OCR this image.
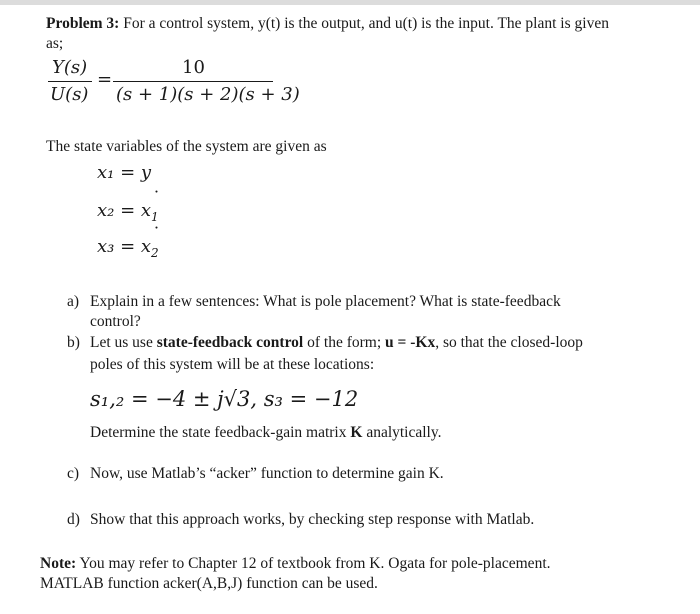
Problem 3: For a control system, y(t) is the output, and u(t) is the input. The plant is given
as;
Y(s)
U(s)
=
10
(s + 1)(s + 2)(s + 3)
The state variables of the system are given as
x₁ = y
$x_2 = x_1$
˙
$x_3 = x_2$
˙
a) Explain in a few sentences: What is pole placement? What is state-feedback
control?
b) Let us use state-feedback control of the form; u = -Kx, so that the closed-loop
poles of this system will be at these locations:
s₁,₂ = −4 ± j√3, s₃ = −12
Determine the state feedback-gain matrix K analytically.
c) Now, use Matlab’s “acker” function to determine gain K.
d) Show that this approach works, by checking step response with Matlab.
Note: You may refer to Chapter 12 of textbook from K. Ogata for pole-placement.
MATLAB function acker(A,B,J) function can be used.
